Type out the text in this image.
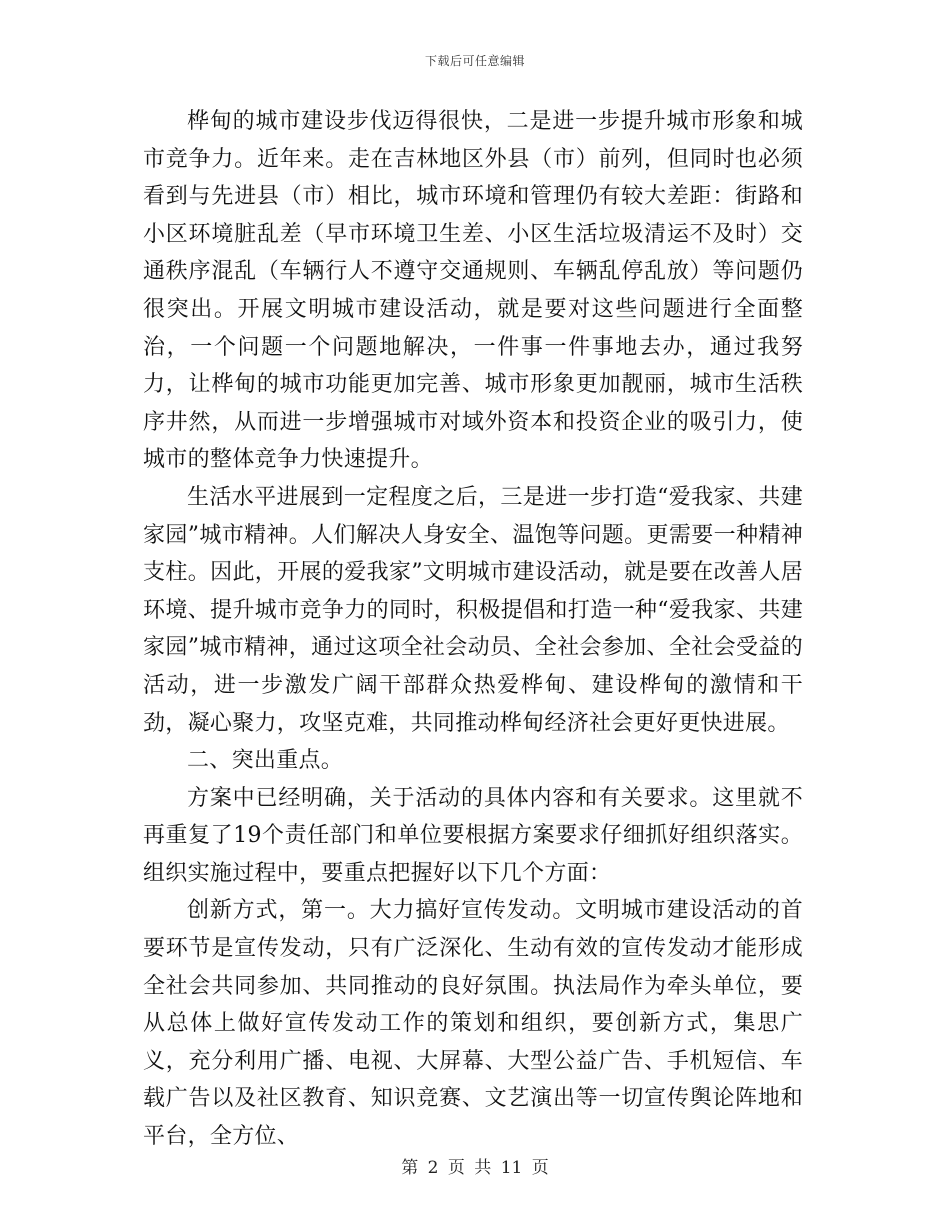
下载后可任意编辑

桦甸的城市建设步伐迈得很快，二是进一步提升城市形象和城市竞争力。近年来。走在吉林地区外县（市）前列，但同时也必须看到与先进县（市）相比，城市环境和管理仍有较大差距：街路和小区环境脏乱差（早市环境卫生差、小区生活垃圾清运不及时）交通秩序混乱（车辆行人不遵守交通规则、车辆乱停乱放）等问题仍很突出。开展文明城市建设活动，就是要对这些问题进行全面整治，一个问题一个问题地解决，一件事一件事地去办，通过我努力，让桦甸的城市功能更加完善、城市形象更加靓丽，城市生活秩序井然，从而进一步增强城市对域外资本和投资企业的吸引力，使城市的整体竞争力快速提升。

生活水平进展到一定程度之后，三是进一步打造“爱我家、共建家园”城市精神。人们解决人身安全、温饱等问题。更需要一种精神支柱。因此，开展的爱我家”文明城市建设活动，就是要在改善人居环境、提升城市竞争力的同时，积极提倡和打造一种“爱我家、共建家园”城市精神，通过这项全社会动员、全社会参加、全社会受益的活动，进一步激发广阔干部群众热爱桦甸、建设桦甸的激情和干劲，凝心聚力，攻坚克难，共同推动桦甸经济社会更好更快进展。

二、突出重点。

方案中已经明确，关于活动的具体内容和有关要求。这里就不再重复了19个责任部门和单位要根据方案要求仔细抓好组织落实。组织实施过程中，要重点把握好以下几个方面：

创新方式，第一。大力搞好宣传发动。文明城市建设活动的首要环节是宣传发动，只有广泛深化、生动有效的宣传发动才能形成全社会共同参加、共同推动的良好氛围。执法局作为牵头单位，要从总体上做好宣传发动工作的策划和组织，要创新方式，集思广义，充分利用广播、电视、大屏幕、大型公益广告、手机短信、车载广告以及社区教育、知识竞赛、文艺演出等一切宣传舆论阵地和平台，全方位、

第 2 页 共 11 页
